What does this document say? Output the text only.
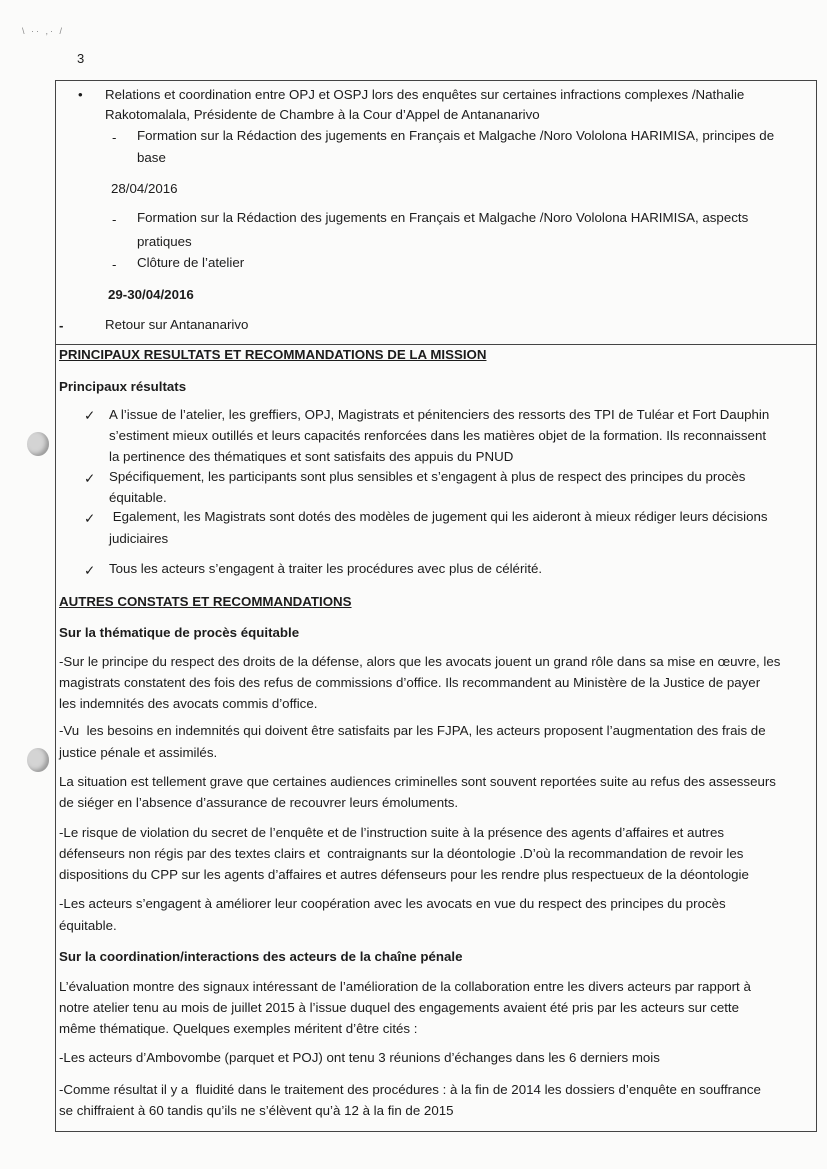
\ ·· ,· /
3
• Relations et coordination entre OPJ et OSPJ lors des enquêtes sur certaines infractions complexes /Nathalie
Rakotomalala, Présidente de Chambre à la Cour d’Appel de Antananarivo
- Formation sur la Rédaction des jugements en Français et Malgache /Noro Vololona HARIMISA, principes de
base
28/04/2016
- Formation sur la Rédaction des jugements en Français et Malgache /Noro Vololona HARIMISA, aspects
pratiques
- Clôture de l’atelier
29-30/04/2016
-	Retour sur Antananarivo
PRINCIPAUX RESULTATS ET RECOMMANDATIONS DE LA MISSION
Principaux résultats
✓ A l’issue de l’atelier, les greffiers, OPJ, Magistrats et pénitenciers des ressorts des TPI de Tuléar et Fort Dauphin
s’estiment mieux outillés et leurs capacités renforcées dans les matières objet de la formation. Ils reconnaissent
la pertinence des thématiques et sont satisfaits des appuis du PNUD
✓ Spécifiquement, les participants sont plus sensibles et s’engagent à plus de respect des principes du procès
équitable.
✓ Egalement, les Magistrats sont dotés des modèles de jugement qui les aideront à mieux rédiger leurs décisions
judiciaires
✓ Tous les acteurs s’engagent à traiter les procédures avec plus de célérité.
AUTRES CONSTATS ET RECOMMANDATIONS
Sur la thématique de procès équitable
-Sur le principe du respect des droits de la défense, alors que les avocats jouent un grand rôle dans sa mise en œuvre, les
magistrats constatent des fois des refus de commissions d’office. Ils recommandent au Ministère de la Justice de payer
les indemnités des avocats commis d’office.
-Vu  les besoins en indemnités qui doivent être satisfaits par les FJPA, les acteurs proposent l’augmentation des frais de
justice pénale et assimilés.
La situation est tellement grave que certaines audiences criminelles sont souvent reportées suite au refus des assesseurs
de siéger en l’absence d’assurance de recouvrer leurs émoluments.
-Le risque de violation du secret de l’enquête et de l’instruction suite à la présence des agents d’affaires et autres
défenseurs non régis par des textes clairs et  contraignants sur la déontologie .D’où la recommandation de revoir les
dispositions du CPP sur les agents d’affaires et autres défenseurs pour les rendre plus respectueux de la déontologie
-Les acteurs s’engagent à améliorer leur coopération avec les avocats en vue du respect des principes du procès
équitable.
Sur la coordination/interactions des acteurs de la chaîne pénale
L’évaluation montre des signaux intéressant de l’amélioration de la collaboration entre les divers acteurs par rapport à
notre atelier tenu au mois de juillet 2015 à l’issue duquel des engagements avaient été pris par les acteurs sur cette
même thématique. Quelques exemples méritent d’être cités :
-Les acteurs d’Ambovombe (parquet et POJ) ont tenu 3 réunions d’échanges dans les 6 derniers mois
-Comme résultat il y a  fluidité dans le traitement des procédures : à la fin de 2014 les dossiers d’enquête en souffrance
se chiffraient à 60 tandis qu’ils ne s’élèvent qu’à 12 à la fin de 2015
